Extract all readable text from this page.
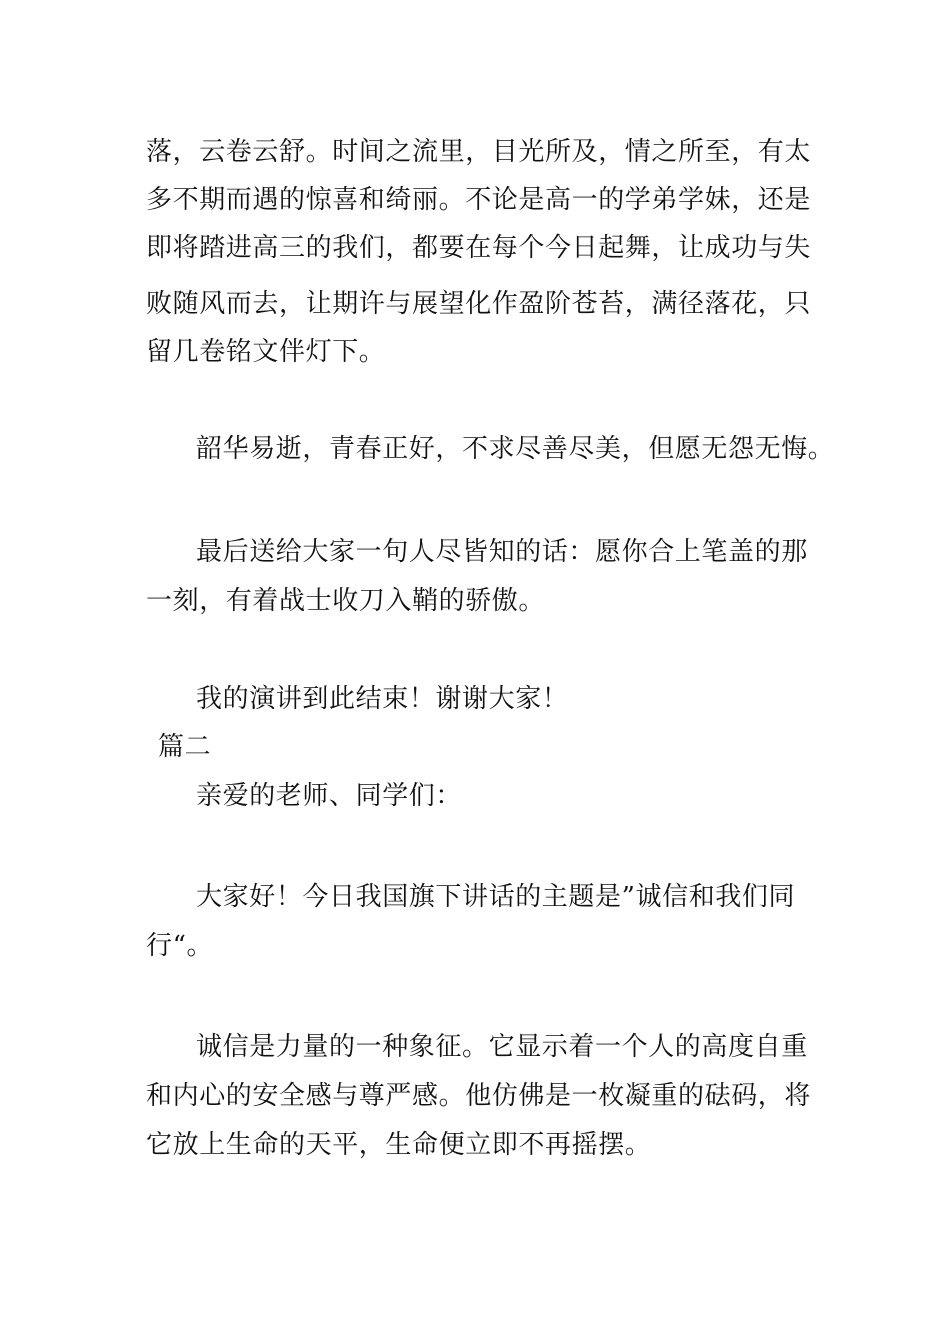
落，云卷云舒。时间之流里，目光所及，情之所至，有太
多不期而遇的惊喜和绮丽。不论是高一的学弟学妹，还是
即将踏进高三的我们，都要在每个今日起舞，让成功与失
败随风而去，让期许与展望化作盈阶苍苔，满径落花，只
留几卷铭文伴灯下。
韶华易逝，青春正好，不求尽善尽美，但愿无怨无悔。
最后送给大家一句人尽皆知的话：愿你合上笔盖的那
一刻，有着战士收刀入鞘的骄傲。
我的演讲到此结束！谢谢大家！
篇二
亲爱的老师、同学们：
大家好！今日我国旗下讲话的主题是”诚信和我们同
行“。
诚信是力量的一种象征。它显示着一个人的高度自重
和内心的安全感与尊严感。他仿佛是一枚凝重的砝码，将
它放上生命的天平，生命便立即不再摇摆。
